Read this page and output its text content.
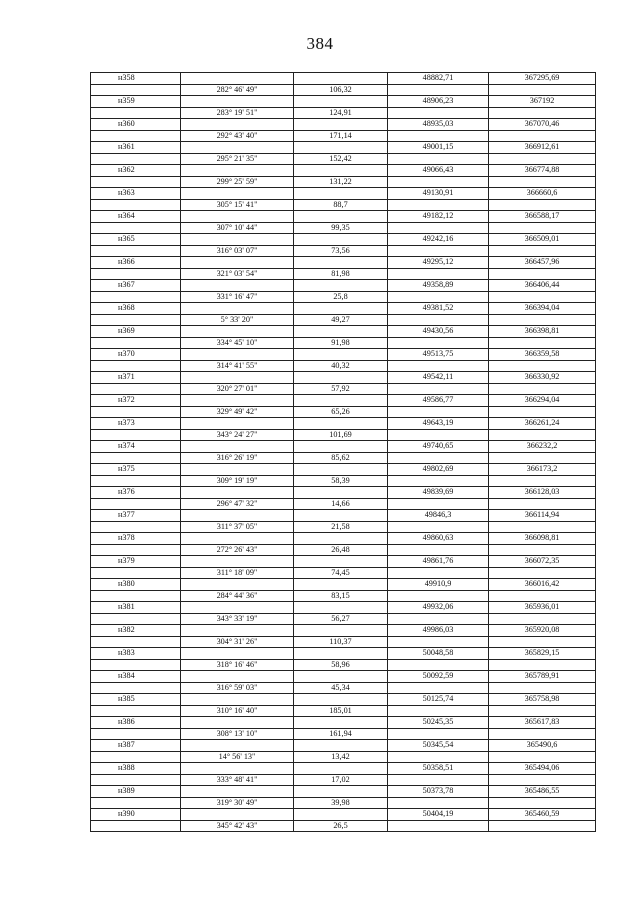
384
н358			48882,71	367295,69
	282° 46' 49"	106,32		
н359			48906,23	367192
	283° 19' 51"	124,91		
н360			48935,03	367070,46
	292° 43' 40"	171,14		
н361			49001,15	366912,61
	295° 21' 35"	152,42		
н362			49066,43	366774,88
	299° 25' 59"	131,22		
н363			49130,91	366660,6
	305° 15' 41"	88,7		
н364			49182,12	366588,17
	307° 10' 44"	99,35		
н365			49242,16	366509,01
	316° 03' 07"	73,56		
н366			49295,12	366457,96
	321° 03' 54"	81,98		
н367			49358,89	366406,44
	331° 16' 47"	25,8		
н368			49381,52	366394,04
	5° 33' 20"	49,27		
н369			49430,56	366398,81
	334° 45' 10"	91,98		
н370			49513,75	366359,58
	314° 41' 55"	40,32		
н371			49542,11	366330,92
	320° 27' 01"	57,92		
н372			49586,77	366294,04
	329° 49' 42"	65,26		
н373			49643,19	366261,24
	343° 24' 27"	101,69		
н374			49740,65	366232,2
	316° 26' 19"	85,62		
н375			49802,69	366173,2
	309° 19' 19"	58,39		
н376			49839,69	366128,03
	296° 47' 32"	14,66		
н377			49846,3	366114,94
	311° 37' 05"	21,58		
н378			49860,63	366098,81
	272° 26' 43"	26,48		
н379			49861,76	366072,35
	311° 18' 09"	74,45		
н380			49910,9	366016,42
	284° 44' 36"	83,15		
н381			49932,06	365936,01
	343° 33' 19"	56,27		
н382			49986,03	365920,08
	304° 31' 26"	110,37		
н383			50048,58	365829,15
	318° 16' 46"	58,96		
н384			50092,59	365789,91
	316° 59' 03"	45,34		
н385			50125,74	365758,98
	310° 16' 40"	185,01		
н386			50245,35	365617,83
	308° 13' 10"	161,94		
н387			50345,54	365490,6
	14° 56' 13"	13,42		
н388			50358,51	365494,06
	333° 48' 41"	17,02		
н389			50373,78	365486,55
	319° 30' 49"	39,98		
н390			50404,19	365460,59
	345° 42' 43"	26,5		
